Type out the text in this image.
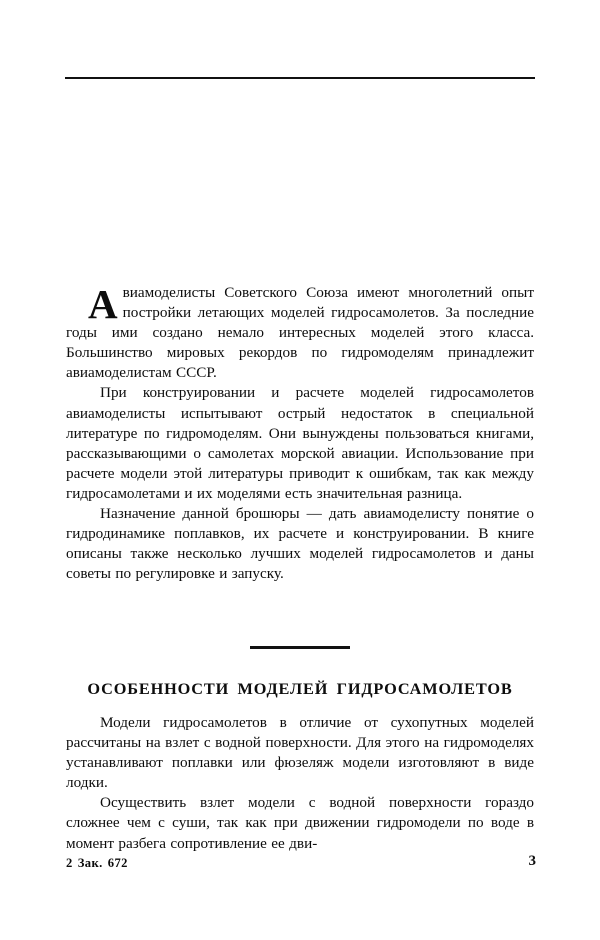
Авиамоделисты Советского Союза имеют многолетний опыт постройки летающих моделей гидросамолетов. За последние годы ими создано немало интересных моделей этого класса. Большинство мировых рекордов по гидромоделям принадлежит авиамоделистам СССР.

При конструировании и расчете моделей гидросамолетов авиамоделисты испытывают острый недостаток в специальной литературе по гидромоделям. Они вынуждены пользоваться книгами, рассказывающими о самолетах морской авиации. Использование при расчете модели этой литературы приводит к ошибкам, так как между гидросамолетами и их моделями есть значительная разница.

Назначение данной брошюры — дать авиамоделисту понятие о гидродинамике поплавков, их расчете и конструировании. В книге описаны также несколько лучших моделей гидросамолетов и даны советы по регулировке и запуску.

ОСОБЕННОСТИ МОДЕЛЕЙ ГИДРОСАМОЛЕТОВ

Модели гидросамолетов в отличие от сухопутных моделей рассчитаны на взлет с водной поверхности. Для этого на гидромоделях устанавливают поплавки или фюзеляж модели изготовляют в виде лодки.

Осуществить взлет модели с водной поверхности гораздо сложнее чем с суши, так как при движении гидромодели по воде в момент разбега сопротивление ее дви-

2 Зак. 672	3
